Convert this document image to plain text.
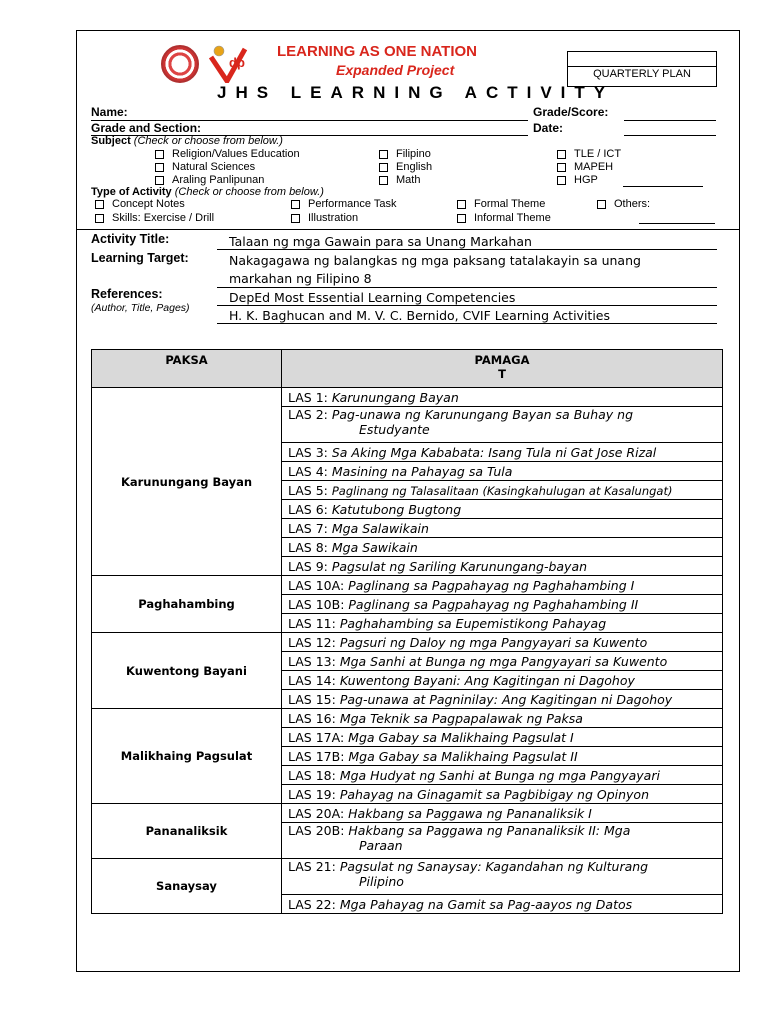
dp
LEARNING AS ONE NATION
Expanded Project	QUARTERLY PLAN
JHS LEARNING ACTIVITY
Name:	Grade/Score:
Grade and Section:	Date:
Subject (Check or choose from below.)
Religion/Values Education
Natural Sciences
Araling Panlipunan
Filipino
English
Math
TLE / ICT
MAPEH
HGP
Type of Activity (Check or choose from below.)
Concept Notes
Skills: Exercise / Drill
Performance Task
Illustration
Formal Theme
Informal Theme
Others:
Activity Title:	Talaan ng mga Gawain para sa Unang Markahan
Learning Target:	Nakagagawa ng balangkas ng mga paksang tatalakayin sa unang
markahan ng Filipino 8
References:
(Author, Title, Pages)
DepEd Most Essential Learning Competencies
H. K. Baghucan and M. V. C. Bernido, CVIF Learning Activities
PAKSA	PAMAGA
T
Karunungang Bayan	LAS 1: Karunungang Bayan
	LAS 2: Pag-unawa ng Karunungang Bayan sa Buhay ng
Estudyante

	LAS 3: Sa Aking Mga Kababata: Isang Tula ni Gat Jose Rizal
	LAS 4: Masining na Pahayag sa Tula
	LAS 5: Paglinang ng Talasalitaan (Kasingkahulugan at Kasalungat)
	LAS 6: Katutubong Bugtong
	LAS 7: Mga Salawikain
	LAS 8: Mga Sawikain
	LAS 9: Pagsulat ng Sariling Karunungang-bayan
Paghahambing	LAS 10A: Paglinang sa Pagpahayag ng Paghahambing I
	LAS 10B: Paglinang sa Pagpahayag ng Paghahambing II
	LAS 11: Paghahambing sa Eupemistikong Pahayag
Kuwentong Bayani	LAS 12: Pagsuri ng Daloy ng mga Pangyayari sa Kuwento
	LAS 13: Mga Sanhi at Bunga ng mga Pangyayari sa Kuwento
	LAS 14: Kuwentong Bayani: Ang Kagitingan ni Dagohoy
	LAS 15: Pag-unawa at Pagninilay: Ang Kagitingan ni Dagohoy
Malikhaing Pagsulat	LAS 16: Mga Teknik sa Pagpapalawak ng Paksa
	LAS 17A: Mga Gabay sa Malikhaing Pagsulat I
	LAS 17B: Mga Gabay sa Malikhaing Pagsulat II
	LAS 18: Mga Hudyat ng Sanhi at Bunga ng mga Pangyayari
	LAS 19: Pahayag na Ginagamit sa Pagbibigay ng Opinyon
Pananaliksik	LAS 20A: Hakbang sa Paggawa ng Pananaliksik I
	LAS 20B: Hakbang sa Paggawa ng Pananaliksik II: Mga
Paraan

Sanaysay	LAS 21: Pagsulat ng Sanaysay: Kagandahan ng Kulturang
Pilipino

	LAS 22: Mga Pahayag na Gamit sa Pag-aayos ng Datos
